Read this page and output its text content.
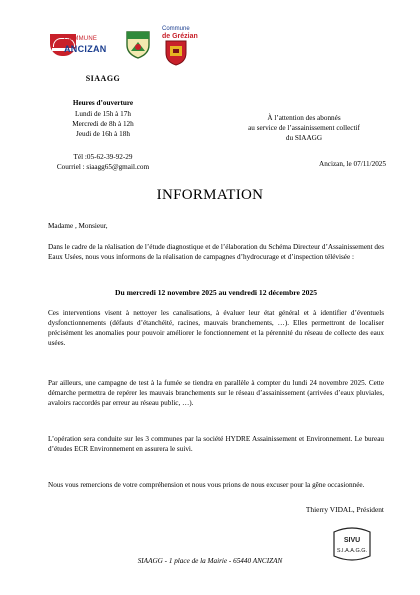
COMMUNE
ANCIZAN
Commune
de Grézian
SIAAGG
Heures d’ouverture
Lundi de 15h à 17h
Mercredi de 8h à 12h
Jeudi de 16h à 18h
Tél :05-62-39-92-29
Courriel : siaagg65@gmail.com
À l’attention des abonnés
au service de l’assainissement collectif
du SIAAGG
Ancizan, le 07/11/2025
INFORMATION

Madame , Monsieur,

Dans le cadre de la réalisation de l’étude diagnostique et de l’élaboration du Schéma Directeur d’Assainissement des Eaux Usées, nous vous informons de la réalisation de campagnes d’hydrocurage et d’inspection télévisée :

Du mercredi 12 novembre 2025 au vendredi 12 décembre 2025

Ces interventions visent à nettoyer les canalisations, à évaluer leur état général et à identifier d’éventuels dysfonctionnements (défauts d’étanchéité, racines, mauvais branchements, …). Elles permettront de localiser précisément les anomalies pour pouvoir améliorer le fonctionnement et la pérennité du réseau de collecte des eaux usées.

Par ailleurs, une campagne de test à la fumée se tiendra en parallèle à compter du lundi 24 novembre 2025. Cette démarche permettra de repérer les mauvais branchements sur le réseau d’assainissement (arrivées d’eaux pluviales, avaloirs raccordés par erreur au réseau public, …).

L’opération sera conduite sur les 3 communes par la société HYDRE Assainissement et Environnement. Le bureau d’études ECR Environnement en assurera le suivi.

Nous vous remercions de votre compréhension et nous vous prions de nous excuser pour la gêne occasionnée.

Thierry VIDAL, Président
SIVU
S.I.A.A.G.G.
SIAAGG - 1 place de la Mairie - 65440 ANCIZAN
